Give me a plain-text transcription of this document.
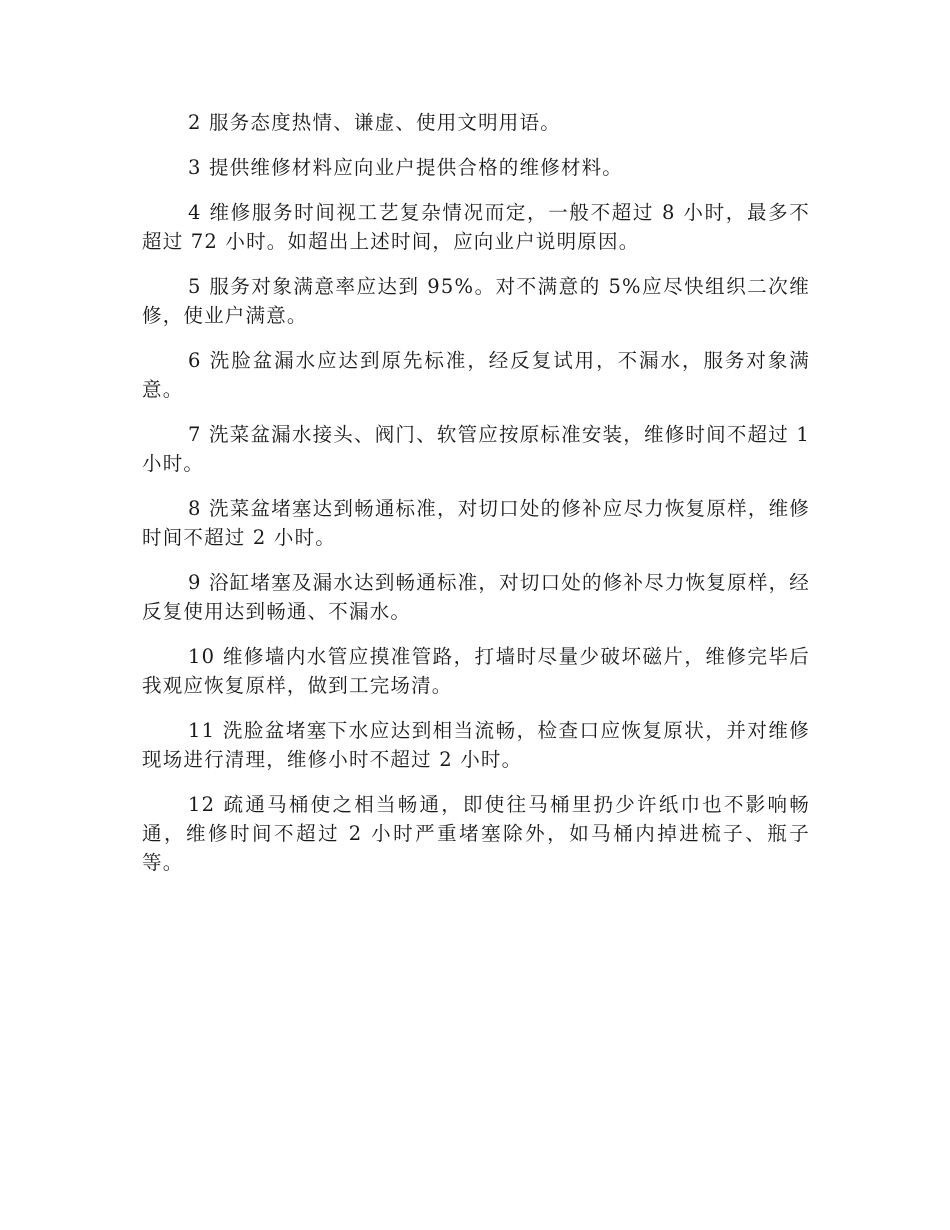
2 服务态度热情、谦虚、使用文明用语。

3 提供维修材料应向业户提供合格的维修材料。

4 维修服务时间视工艺复杂情况而定，一般不超过 8 小时，最多不超过 72 小时。如超出上述时间，应向业户说明原因。

5 服务对象满意率应达到 95%。对不满意的 5%应尽快组织二次维修，使业户满意。

6 洗脸盆漏水应达到原先标准，经反复试用，不漏水，服务对象满意。

7 洗菜盆漏水接头、阀门、软管应按原标准安装，维修时间不超过 1 小时。

8 洗菜盆堵塞达到畅通标准，对切口处的修补应尽力恢复原样，维修时间不超过 2 小时。

9 浴缸堵塞及漏水达到畅通标准，对切口处的修补尽力恢复原样，经反复使用达到畅通、不漏水。

10 维修墙内水管应摸准管路，打墙时尽量少破坏磁片，维修完毕后我观应恢复原样，做到工完场清。

11 洗脸盆堵塞下水应达到相当流畅，检查口应恢复原状，并对维修现场进行清理，维修小时不超过 2 小时。

12 疏通马桶使之相当畅通，即使往马桶里扔少许纸巾也不影响畅通，维修时间不超过 2 小时严重堵塞除外，如马桶内掉进梳子、瓶子等。
